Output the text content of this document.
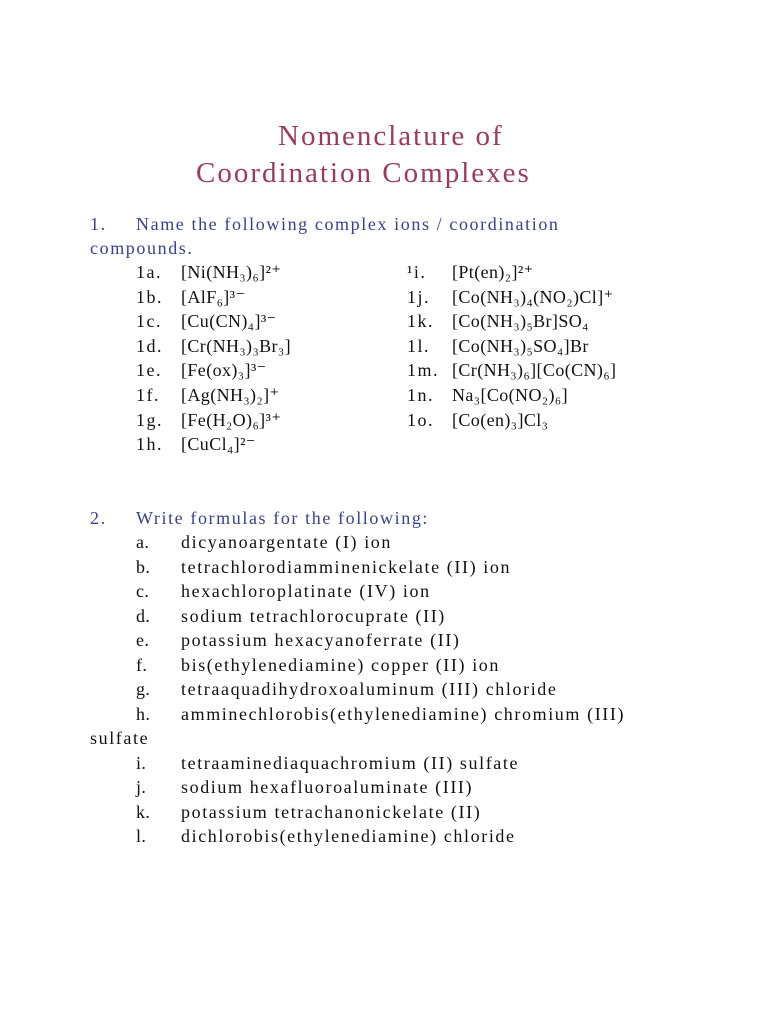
Nomenclature of
Coordination Complexes
1. Name the following complex ions / coordination
compounds.
1a. [Ni(NH₃)₆]²⁺
1b. [AlF₆]³⁻
1c. [Cu(CN)₄]³⁻
1d. [Cr(NH₃)₃Br₃]
1e. [Fe(ox)₃]³⁻
1f. [Ag(NH₃)₂]⁺
1g. [Fe(H₂O)₆]³⁺
1h. [CuCl₄]²⁻
¹i. [Pt(en)₂]²⁺
1j. [Co(NH₃)₄(NO₂)Cl]⁺
1k. [Co(NH₃)₅Br]SO₄
1l. [Co(NH₃)₅SO₄]Br
1m. [Cr(NH₃)₆][Co(CN)₆]
1n. Na₃[Co(NO₂)₆]
1o. [Co(en)₃]Cl₃
2. Write formulas for the following:
a. dicyanoargentate (I) ion
b. tetrachlorodiamminenickelate (II) ion
c. hexachloroplatinate (IV) ion
d. sodium tetrachlorocuprate (II)
e. potassium hexacyanoferrate (II)
f. bis(ethylenediamine) copper (II) ion
g. tetraaquadihydroxoaluminum (III) chloride
h. amminechlorobis(ethylenediamine) chromium (III)
sulfate
i. tetraaminediaquachromium (II) sulfate
j. sodium hexafluoroaluminate (III)
k. potassium tetrachanonickelate (II)
l. dichlorobis(ethylenediamine) chloride
